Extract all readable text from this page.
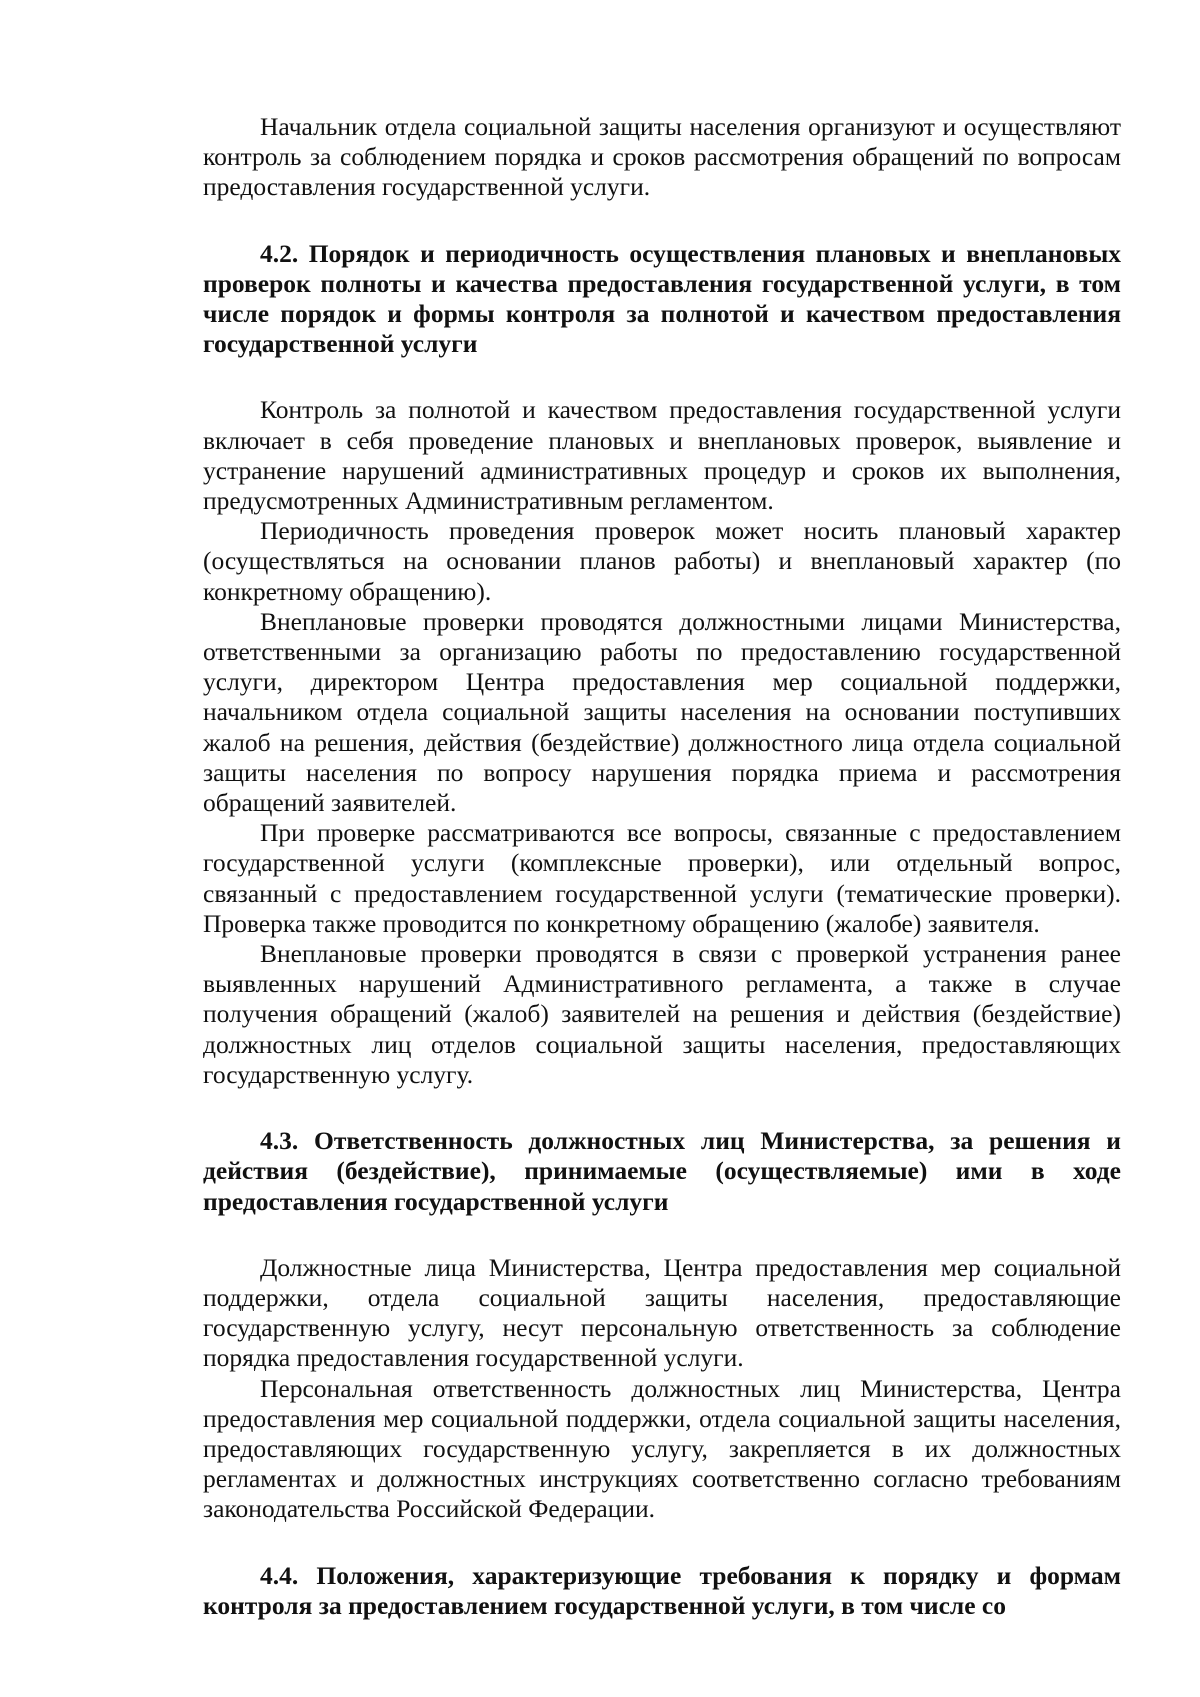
Начальник отдела социальной защиты населения организуют и осуществляют контроль за соблюдением порядка и сроков рассмотрения обращений по вопросам предоставления государственной услуги.

4.2. Порядок и периодичность осуществления плановых и внеплановых проверок полноты и качества предоставления государственной услуги, в том числе порядок и формы контроля за полнотой и качеством предоставления государственной услуги

Контроль за полнотой и качеством предоставления государственной услуги включает в себя проведение плановых и внеплановых проверок, выявление и устранение нарушений административных процедур и сроков их выполнения, предусмотренных Административным регламентом.

Периодичность проведения проверок может носить плановый характер (осуществляться на основании планов работы) и внеплановый характер (по конкретному обращению).

Внеплановые проверки проводятся должностными лицами Министерства, ответственными за организацию работы по предоставлению государственной услуги, директором Центра предоставления мер социальной поддержки, начальником отдела социальной защиты населения на основании поступивших жалоб на решения, действия (бездействие) должностного лица отдела социальной защиты населения по вопросу нарушения порядка приема и рассмотрения обращений заявителей.

При проверке рассматриваются все вопросы, связанные с предоставлением государственной услуги (комплексные проверки), или отдельный вопрос, связанный с предоставлением государственной услуги (тематические проверки). Проверка также проводится по конкретному обращению (жалобе) заявителя.

Внеплановые проверки проводятся в связи с проверкой устранения ранее выявленных нарушений Административного регламента, а также в случае получения обращений (жалоб) заявителей на решения и действия (бездействие) должностных лиц отделов социальной защиты населения, предоставляющих государственную услугу.

4.3. Ответственность должностных лиц Министерства, за решения и действия (бездействие), принимаемые (осуществляемые) ими в ходе предоставления государственной услуги

Должностные лица Министерства, Центра предоставления мер социальной поддержки, отдела социальной защиты населения, предоставляющие государственную услугу, несут персональную ответственность за соблюдение порядка предоставления государственной услуги.

Персональная ответственность должностных лиц Министерства, Центра предоставления мер социальной поддержки, отдела социальной защиты населения, предоставляющих государственную услугу, закрепляется в их должностных регламентах и должностных инструкциях соответственно согласно требованиям законодательства Российской Федерации.

4.4. Положения, характеризующие требования к порядку и формам контроля за предоставлением государственной услуги, в том числе со
